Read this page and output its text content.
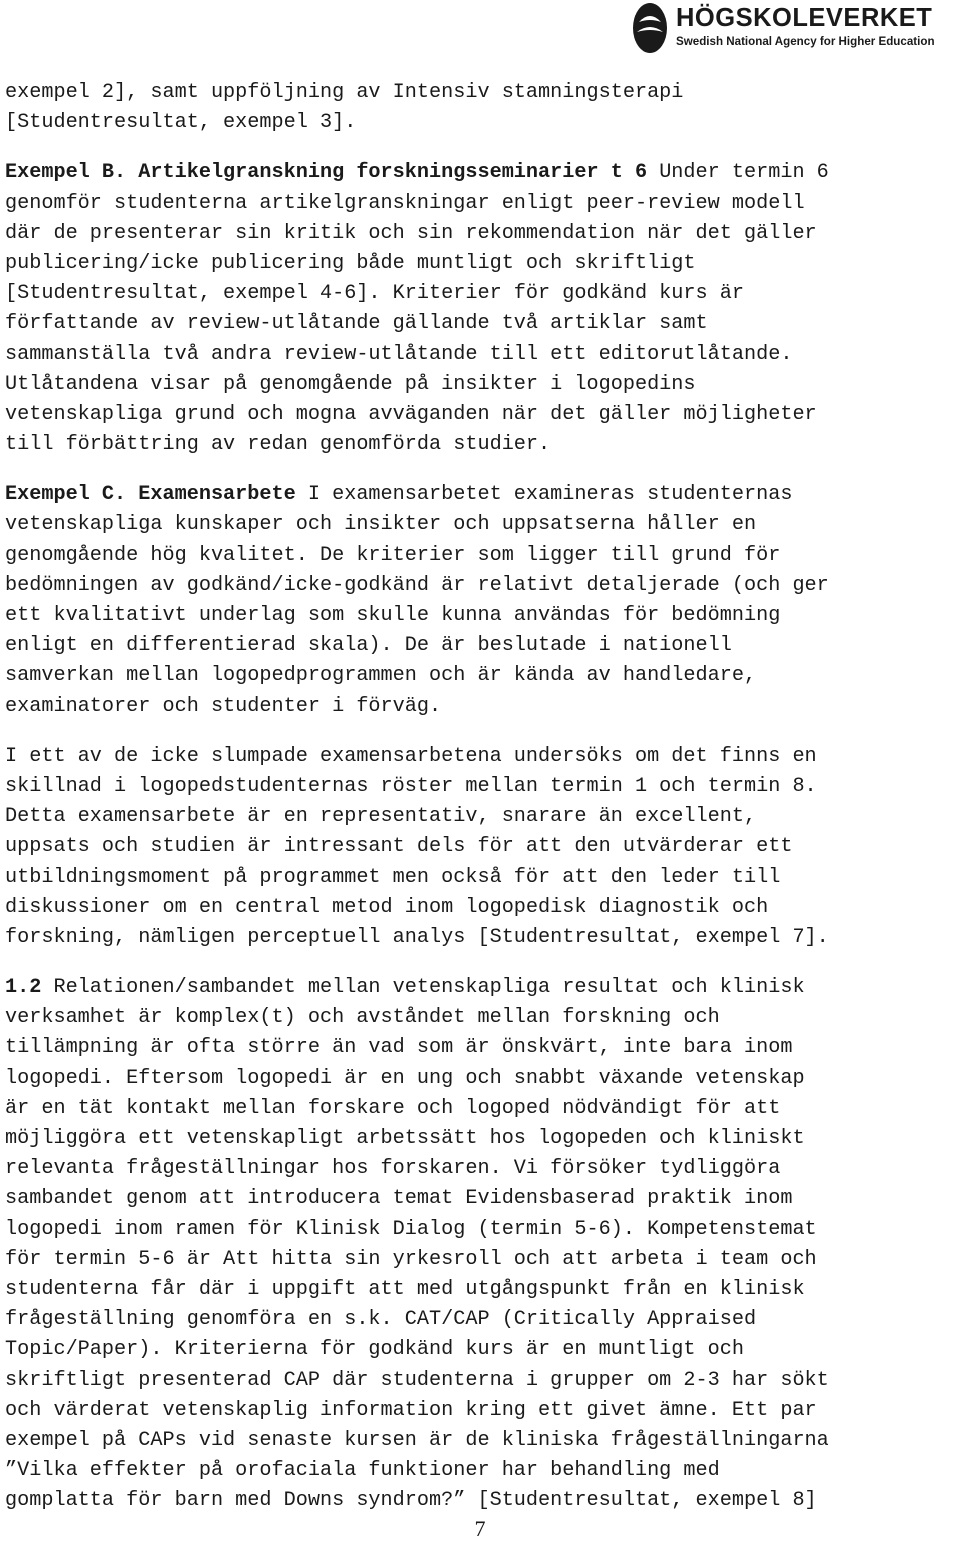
HÖGSKOLEVERKET
Swedish National Agency for Higher Education
exempel 2], samt uppföljning av Intensiv stamningsterapi
[Studentresultat, exempel 3].
Exempel B. Artikelgranskning forskningsseminarier t 6 Under termin 6
genomför studenterna artikelgranskningar enligt peer-review modell
där de presenterar sin kritik och sin rekommendation när det gäller
publicering/icke publicering både muntligt och skriftligt
[Studentresultat, exempel 4-6]. Kriterier för godkänd kurs är
författande av review-utlåtande gällande två artiklar samt
sammanställa två andra review-utlåtande till ett editorutlåtande.
Utlåtandena visar på genomgående på insikter i logopedins
vetenskapliga grund och mogna avväganden när det gäller möjligheter
till förbättring av redan genomförda studier.
Exempel C. Examensarbete I examensarbetet examineras studenternas
vetenskapliga kunskaper och insikter och uppsatserna håller en
genomgående hög kvalitet. De kriterier som ligger till grund för
bedömningen av godkänd/icke-godkänd är relativt detaljerade (och ger
ett kvalitativt underlag som skulle kunna användas för bedömning
enligt en differentierad skala). De är beslutade i nationell
samverkan mellan logopedprogrammen och är kända av handledare,
examinatorer och studenter i förväg.
I ett av de icke slumpade examensarbetena undersöks om det finns en
skillnad i logopedstudenternas röster mellan termin 1 och termin 8.
Detta examensarbete är en representativ, snarare än excellent,
uppsats och studien är intressant dels för att den utvärderar ett
utbildningsmoment på programmet men också för att den leder till
diskussioner om en central metod inom logopedisk diagnostik och
forskning, nämligen perceptuell analys [Studentresultat, exempel 7].
1.2 Relationen/sambandet mellan vetenskapliga resultat och klinisk
verksamhet är komplex(t) och avståndet mellan forskning och
tillämpning är ofta större än vad som är önskvärt, inte bara inom
logopedi. Eftersom logopedi är en ung och snabbt växande vetenskap
är en tät kontakt mellan forskare och logoped nödvändigt för att
möjliggöra ett vetenskapligt arbetssätt hos logopeden och kliniskt
relevanta frågeställningar hos forskaren. Vi försöker tydliggöra
sambandet genom att introducera temat Evidensbaserad praktik inom
logopedi inom ramen för Klinisk Dialog (termin 5-6). Kompetenstemat
för termin 5-6 är Att hitta sin yrkesroll och att arbeta i team och
studenterna får där i uppgift att med utgångspunkt från en klinisk
frågeställning genomföra en s.k. CAT/CAP (Critically Appraised
Topic/Paper). Kriterierna för godkänd kurs är en muntligt och
skriftligt presenterad CAP där studenterna i grupper om 2-3 har sökt
och värderat vetenskaplig information kring ett givet ämne. Ett par
exempel på CAPs vid senaste kursen är de kliniska frågeställningarna
”Vilka effekter på orofaciala funktioner har behandling med
gomplatta för barn med Downs syndrom?” [Studentresultat, exempel 8]
7
